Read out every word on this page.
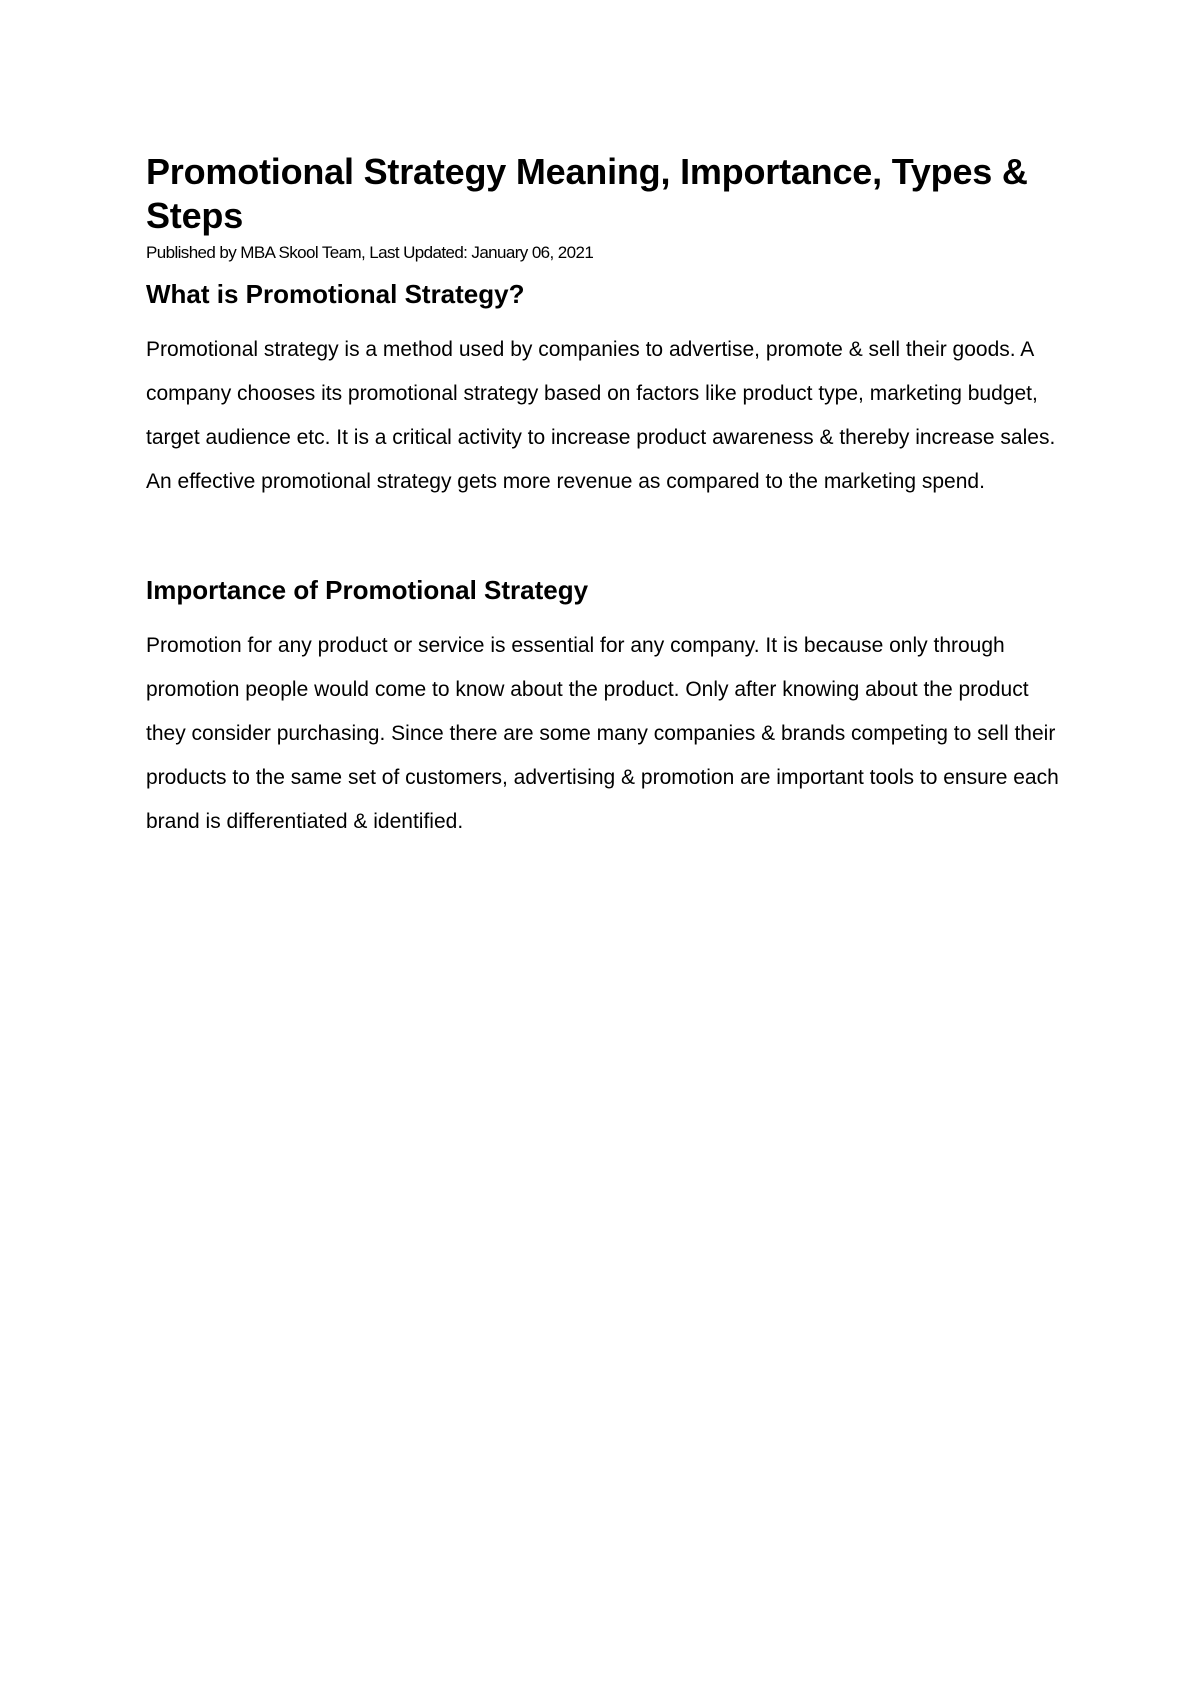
Promotional Strategy Meaning, Importance, Types & Steps

Published by MBA Skool Team, Last Updated: January 06, 2021

What is Promotional Strategy?

Promotional strategy is a method used by companies to advertise, promote & sell their goods. A company chooses its promotional strategy based on factors like product type, marketing budget, target audience etc. It is a critical activity to increase product awareness & thereby increase sales. An effective promotional strategy gets more revenue as compared to the marketing spend.

Importance of Promotional Strategy

Promotion for any product or service is essential for any company. It is because only through promotion people would come to know about the product. Only after knowing about the product they consider purchasing. Since there are some many companies & brands competing to sell their products to the same set of customers, advertising & promotion are important tools to ensure each brand is differentiated & identified.
